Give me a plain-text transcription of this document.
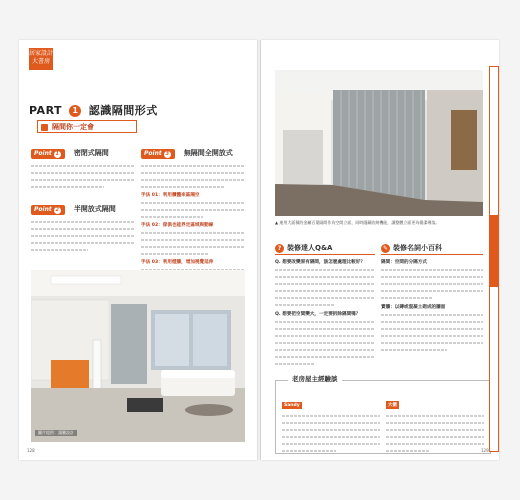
居家設計
大書房
PART 1 認識隔間形式
隔間你一定會
Point 1 密閉式隔間
Point 2 半開放式隔間
Point 3 無隔間全開放式
手法 01：利用櫃體來區隔空
手法 02：傢俱也能界定區域與動線
手法 03：利用燈牆，增加視覺延伸
圖片提供：鴻騰設計
128
▲ 運用大面積的金屬百葉隔間作為空間立面，同時隱藏收納機能，讓整體立面更為簡潔俐落。
? 裝修達人Q&A
Q. 想要改變原有隔間，該怎麼處理比較好？
Q. 想要把空間變大，一定要拆除隔間嗎？
✎ 裝修名詞小百科
隔間：空間的分隔方式
實牆：以磚或混凝土砌成的牆面
老房屋主經驗談
Sandy	大衛
129
